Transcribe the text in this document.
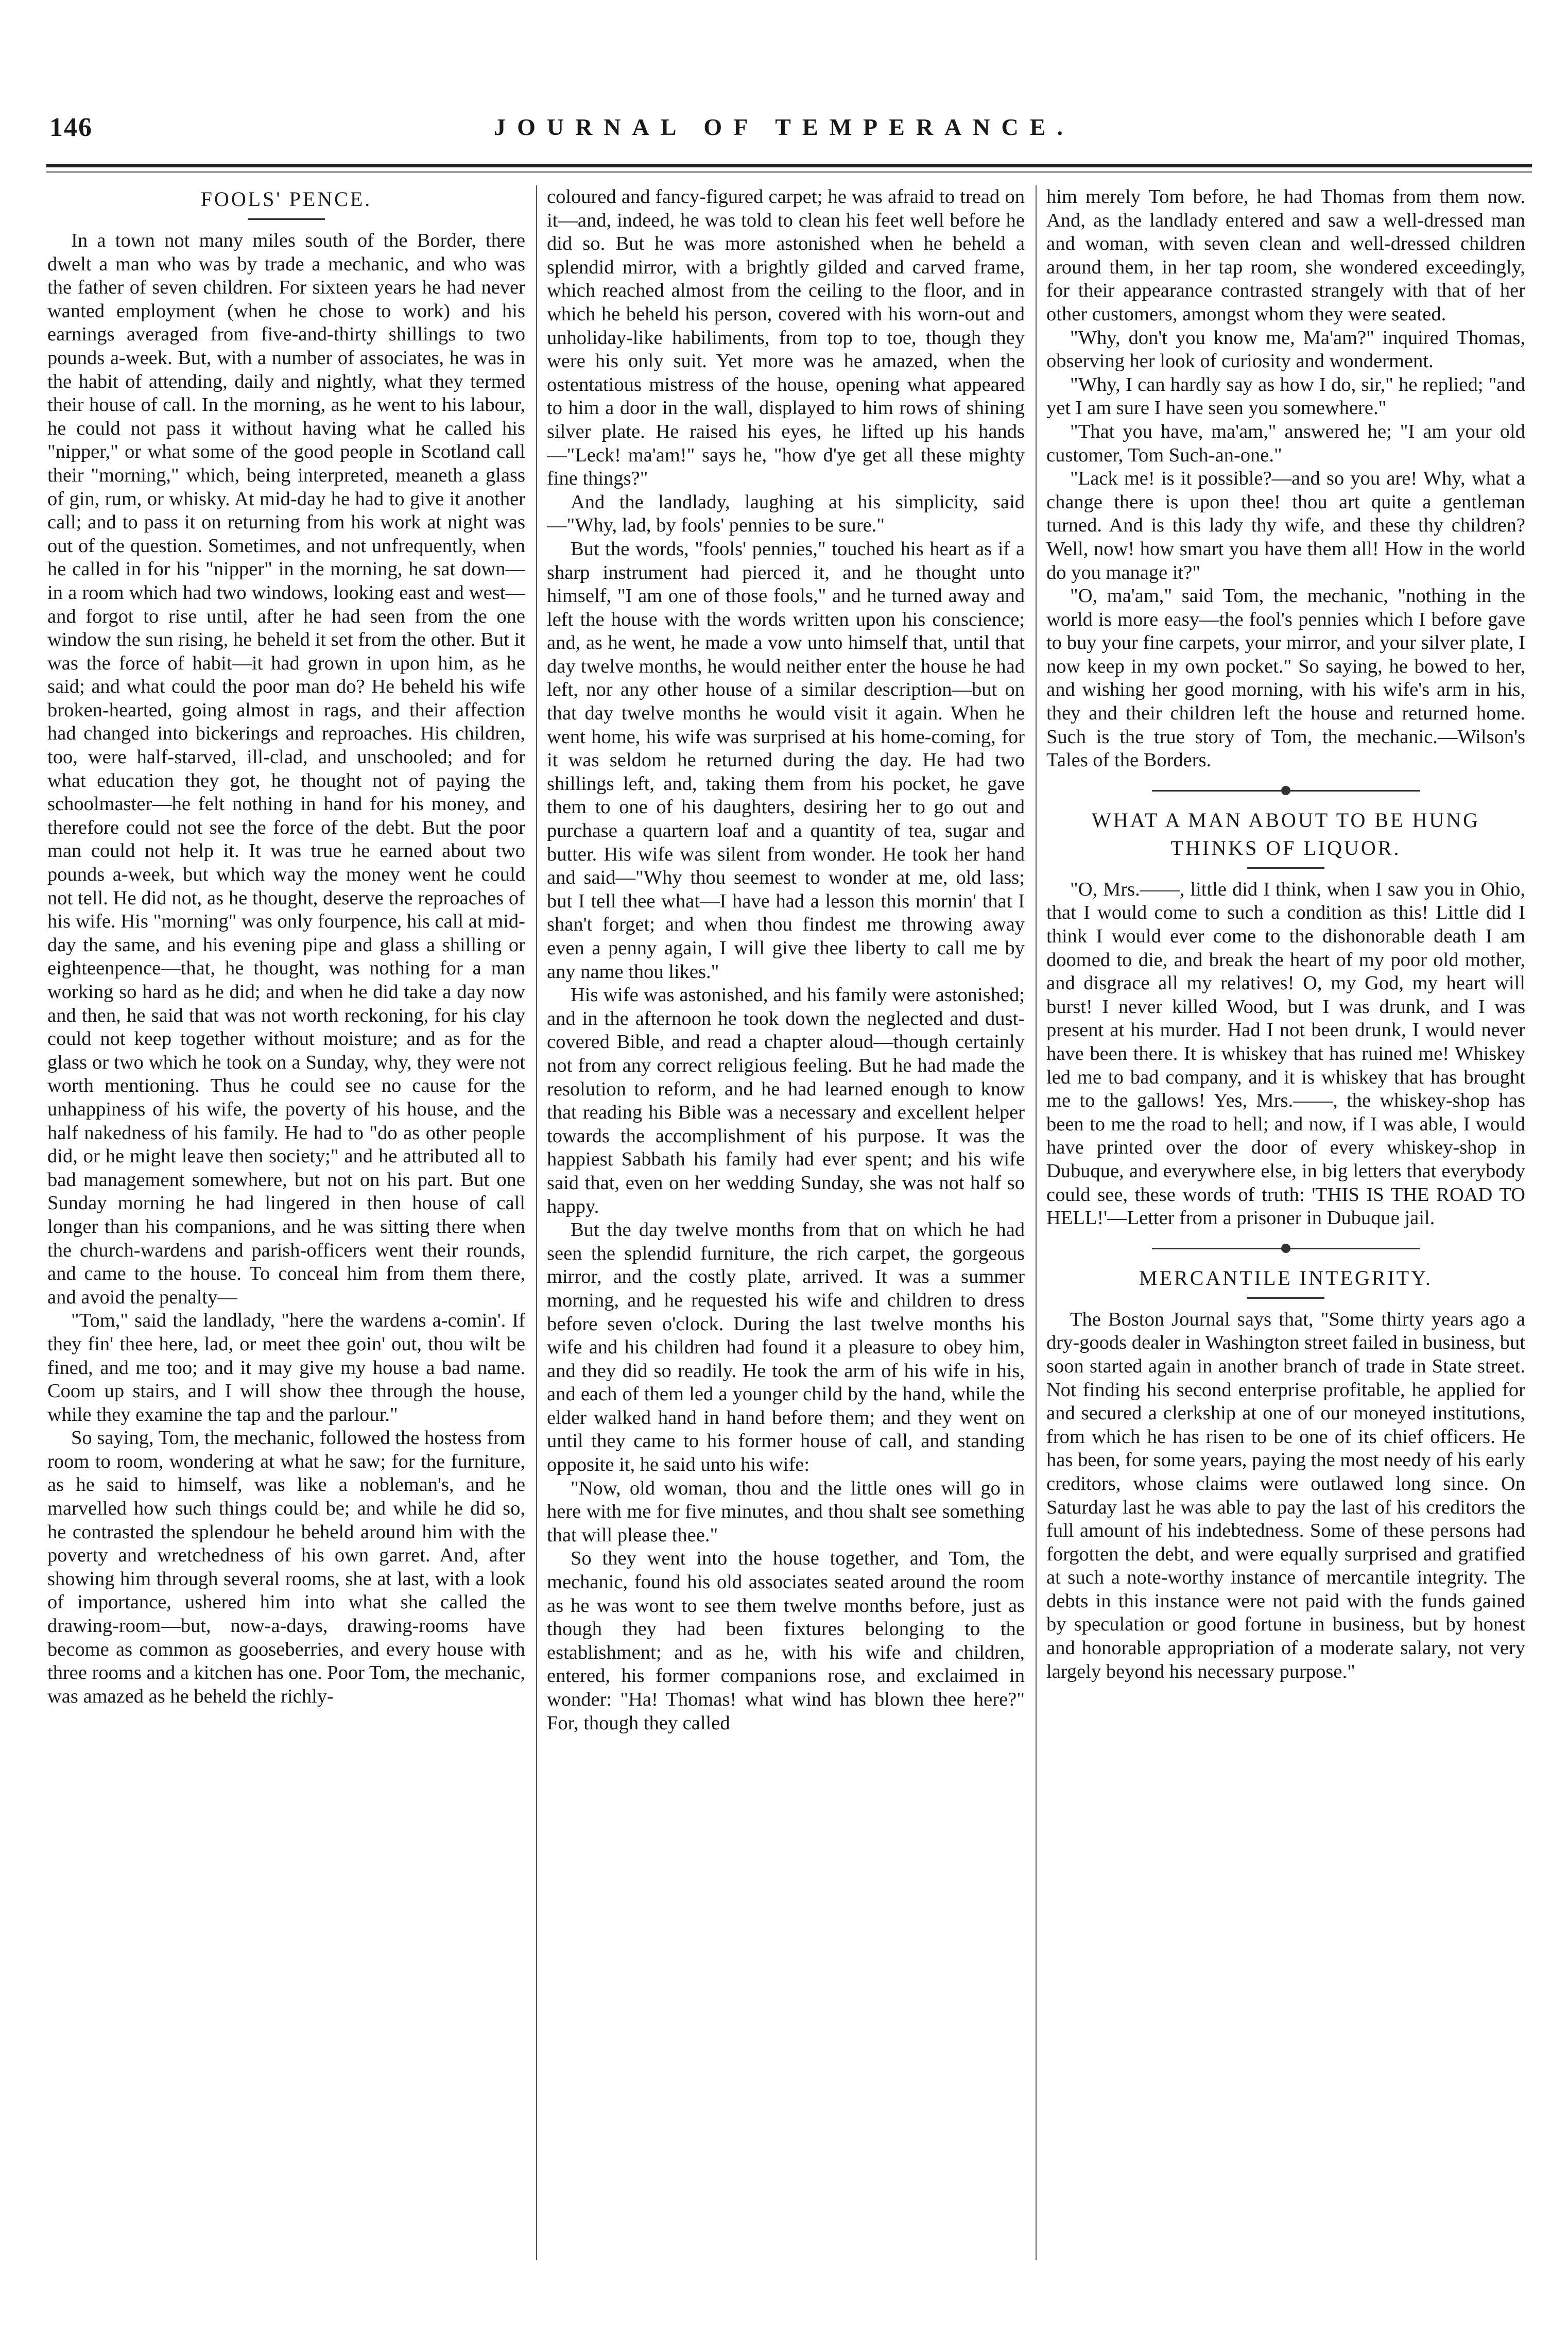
146	JOURNAL OF TEMPERANCE.
FOOLS' PENCE.

In a town not many miles south of the Border, there dwelt a man who was by trade a mechanic, and who was the father of seven children. For sixteen years he had never wanted employment (when he chose to work) and his earnings averaged from five-and-thirty shillings to two pounds a-week. But, with a number of associates, he was in the habit of attending, daily and nightly, what they termed their house of call. In the morning, as he went to his labour, he could not pass it without having what he called his "nipper," or what some of the good people in Scotland call their "morning," which, being interpreted, meaneth a glass of gin, rum, or whisky. At mid-day he had to give it another call; and to pass it on returning from his work at night was out of the question. Sometimes, and not unfrequently, when he called in for his "nipper" in the morning, he sat down—in a room which had two windows, looking east and west—and forgot to rise until, after he had seen from the one window the sun rising, he beheld it set from the other. But it was the force of habit—it had grown in upon him, as he said; and what could the poor man do? He beheld his wife broken-hearted, going almost in rags, and their affection had changed into bickerings and reproaches. His children, too, were half-starved, ill-clad, and unschooled; and for what education they got, he thought not of paying the schoolmaster—he felt nothing in hand for his money, and therefore could not see the force of the debt. But the poor man could not help it. It was true he earned about two pounds a-week, but which way the money went he could not tell. He did not, as he thought, deserve the reproaches of his wife. His "morning" was only fourpence, his call at mid-day the same, and his evening pipe and glass a shilling or eighteenpence—that, he thought, was nothing for a man working so hard as he did; and when he did take a day now and then, he said that was not worth reckoning, for his clay could not keep together without moisture; and as for the glass or two which he took on a Sunday, why, they were not worth mentioning. Thus he could see no cause for the unhappiness of his wife, the poverty of his house, and the half nakedness of his family. He had to "do as other people did, or he might leave then society;" and he attributed all to bad management somewhere, but not on his part. But one Sunday morning he had lingered in then house of call longer than his companions, and he was sitting there when the church-wardens and parish-officers went their rounds, and came to the house. To conceal him from them there, and avoid the penalty—

"Tom," said the landlady, "here the wardens a-comin'. If they fin' thee here, lad, or meet thee goin' out, thou wilt be fined, and me too; and it may give my house a bad name. Coom up stairs, and I will show thee through the house, while they examine the tap and the parlour."

So saying, Tom, the mechanic, followed the hostess from room to room, wondering at what he saw; for the furniture, as he said to himself, was like a nobleman's, and he marvelled how such things could be; and while he did so, he contrasted the splendour he beheld around him with the poverty and wretchedness of his own garret. And, after showing him through several rooms, she at last, with a look of importance, ushered him into what she called the drawing-room—but, now-a-days, drawing-rooms have become as common as gooseberries, and every house with three rooms and a kitchen has one. Poor Tom, the mechanic, was amazed as he beheld the richly-

coloured and fancy-figured carpet; he was afraid to tread on it—and, indeed, he was told to clean his feet well before he did so. But he was more astonished when he beheld a splendid mirror, with a brightly gilded and carved frame, which reached almost from the ceiling to the floor, and in which he beheld his person, covered with his worn-out and unholiday-like habiliments, from top to toe, though they were his only suit. Yet more was he amazed, when the ostentatious mistress of the house, opening what appeared to him a door in the wall, displayed to him rows of shining silver plate. He raised his eyes, he lifted up his hands—"Leck! ma'am!" says he, "how d'ye get all these mighty fine things?"

And the landlady, laughing at his simplicity, said—"Why, lad, by fools' pennies to be sure."

But the words, "fools' pennies," touched his heart as if a sharp instrument had pierced it, and he thought unto himself, "I am one of those fools," and he turned away and left the house with the words written upon his conscience; and, as he went, he made a vow unto himself that, until that day twelve months, he would neither enter the house he had left, nor any other house of a similar description—but on that day twelve months he would visit it again. When he went home, his wife was surprised at his home-coming, for it was seldom he returned during the day. He had two shillings left, and, taking them from his pocket, he gave them to one of his daughters, desiring her to go out and purchase a quartern loaf and a quantity of tea, sugar and butter. His wife was silent from wonder. He took her hand and said—"Why thou seemest to wonder at me, old lass; but I tell thee what—I have had a lesson this mornin' that I shan't forget; and when thou findest me throwing away even a penny again, I will give thee liberty to call me by any name thou likes."

His wife was astonished, and his family were astonished; and in the afternoon he took down the neglected and dust-covered Bible, and read a chapter aloud—though certainly not from any correct religious feeling. But he had made the resolution to reform, and he had learned enough to know that reading his Bible was a necessary and excellent helper towards the accomplishment of his purpose. It was the happiest Sabbath his family had ever spent; and his wife said that, even on her wedding Sunday, she was not half so happy.

But the day twelve months from that on which he had seen the splendid furniture, the rich carpet, the gorgeous mirror, and the costly plate, arrived. It was a summer morning, and he requested his wife and children to dress before seven o'clock. During the last twelve months his wife and his children had found it a pleasure to obey him, and they did so readily. He took the arm of his wife in his, and each of them led a younger child by the hand, while the elder walked hand in hand before them; and they went on until they came to his former house of call, and standing opposite it, he said unto his wife:

"Now, old woman, thou and the little ones will go in here with me for five minutes, and thou shalt see something that will please thee."

So they went into the house together, and Tom, the mechanic, found his old associates seated around the room as he was wont to see them twelve months before, just as though they had been fixtures belonging to the establishment; and as he, with his wife and children, entered, his former companions rose, and exclaimed in wonder: "Ha! Thomas! what wind has blown thee here?" For, though they called

him merely Tom before, he had Thomas from them now. And, as the landlady entered and saw a well-dressed man and woman, with seven clean and well-dressed children around them, in her tap room, she wondered exceedingly, for their appearance contrasted strangely with that of her other customers, amongst whom they were seated.

"Why, don't you know me, Ma'am?" inquired Thomas, observing her look of curiosity and wonderment.

"Why, I can hardly say as how I do, sir," he replied; "and yet I am sure I have seen you somewhere."

"That you have, ma'am," answered he; "I am your old customer, Tom Such-an-one."

"Lack me! is it possible?—and so you are! Why, what a change there is upon thee! thou art quite a gentleman turned. And is this lady thy wife, and these thy children? Well, now! how smart you have them all! How in the world do you manage it?"

"O, ma'am," said Tom, the mechanic, "nothing in the world is more easy—the fool's pennies which I before gave to buy your fine carpets, your mirror, and your silver plate, I now keep in my own pocket." So saying, he bowed to her, and wishing her good morning, with his wife's arm in his, they and their children left the house and returned home. Such is the true story of Tom, the mechanic.—Wilson's Tales of the Borders.

WHAT A MAN ABOUT TO BE HUNG
THINKS OF LIQUOR.

"O, Mrs.——, little did I think, when I saw you in Ohio, that I would come to such a condition as this! Little did I think I would ever come to the dishonorable death I am doomed to die, and break the heart of my poor old mother, and disgrace all my relatives! O, my God, my heart will burst! I never killed Wood, but I was drunk, and I was present at his murder. Had I not been drunk, I would never have been there. It is whiskey that has ruined me! Whiskey led me to bad company, and it is whiskey that has brought me to the gallows! Yes, Mrs.——, the whiskey-shop has been to me the road to hell; and now, if I was able, I would have printed over the door of every whiskey-shop in Dubuque, and everywhere else, in big letters that everybody could see, these words of truth: 'THIS IS THE ROAD TO HELL!'—Letter from a prisoner in Dubuque jail.

MERCANTILE INTEGRITY.

The Boston Journal says that, "Some thirty years ago a dry-goods dealer in Washington street failed in business, but soon started again in another branch of trade in State street. Not finding his second enterprise profitable, he applied for and secured a clerkship at one of our moneyed institutions, from which he has risen to be one of its chief officers. He has been, for some years, paying the most needy of his early creditors, whose claims were outlawed long since. On Saturday last he was able to pay the last of his creditors the full amount of his indebtedness. Some of these persons had forgotten the debt, and were equally surprised and gratified at such a note-worthy instance of mercantile integrity. The debts in this instance were not paid with the funds gained by speculation or good fortune in business, but by honest and honorable appropriation of a moderate salary, not very largely beyond his necessary purpose."
